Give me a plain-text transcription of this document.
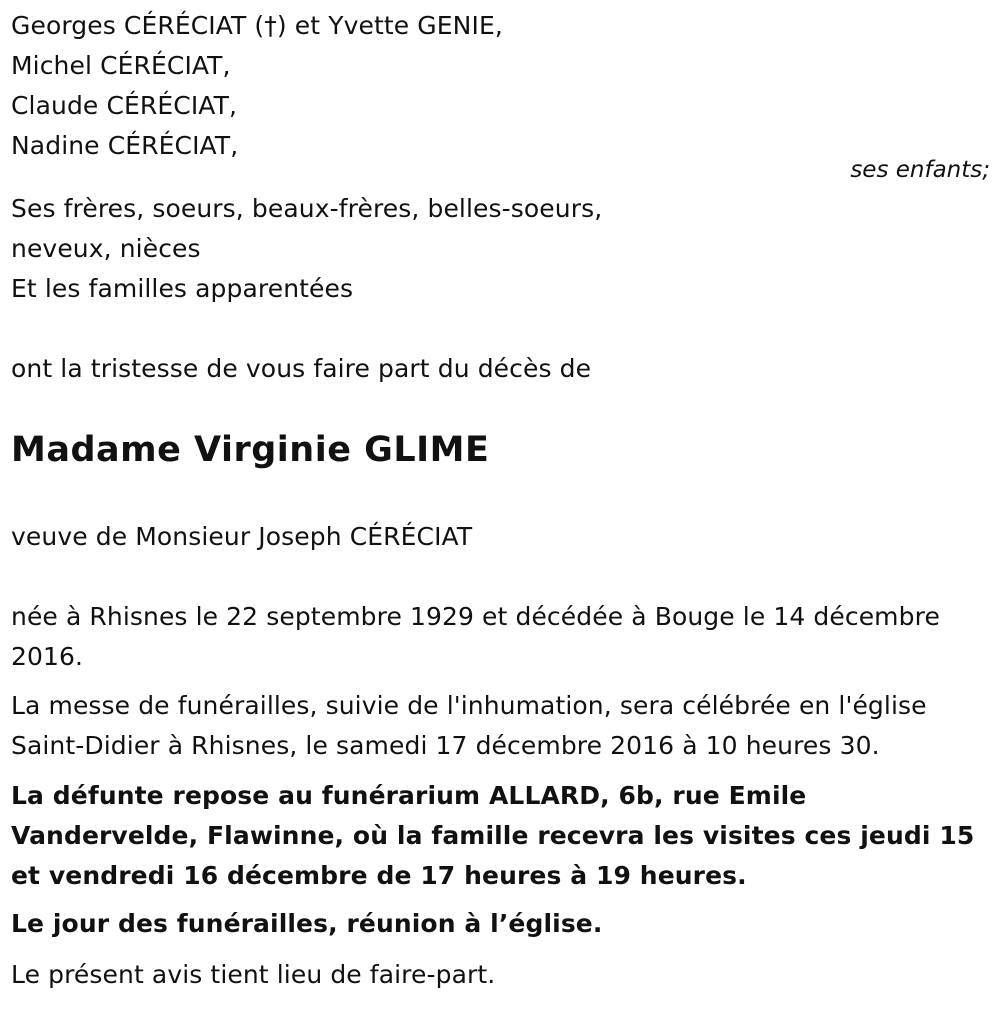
Georges CÉRÉCIAT (†) et Yvette GENIE,
Michel CÉRÉCIAT,
Claude CÉRÉCIAT,
Nadine CÉRÉCIAT,
ses enfants;
Ses frères, soeurs, beaux-frères, belles-soeurs,
neveux, nièces
Et les familles apparentées
ont la tristesse de vous faire part du décès de
Madame Virginie GLIME
veuve de Monsieur Joseph CÉRÉCIAT
née à Rhisnes le 22 septembre 1929 et décédée à Bouge le 14 décembre 2016.
La messe de funérailles, suivie de l'inhumation, sera célébrée en l'église Saint-Didier à Rhisnes, le samedi 17 décembre 2016 à 10 heures 30.
La défunte repose au funérarium ALLARD, 6b, rue Emile Vandervelde, Flawinne, où la famille recevra les visites ces jeudi 15 et vendredi 16 décembre de 17 heures à 19 heures.
Le jour des funérailles, réunion à l’église.
Le présent avis tient lieu de faire-part.
